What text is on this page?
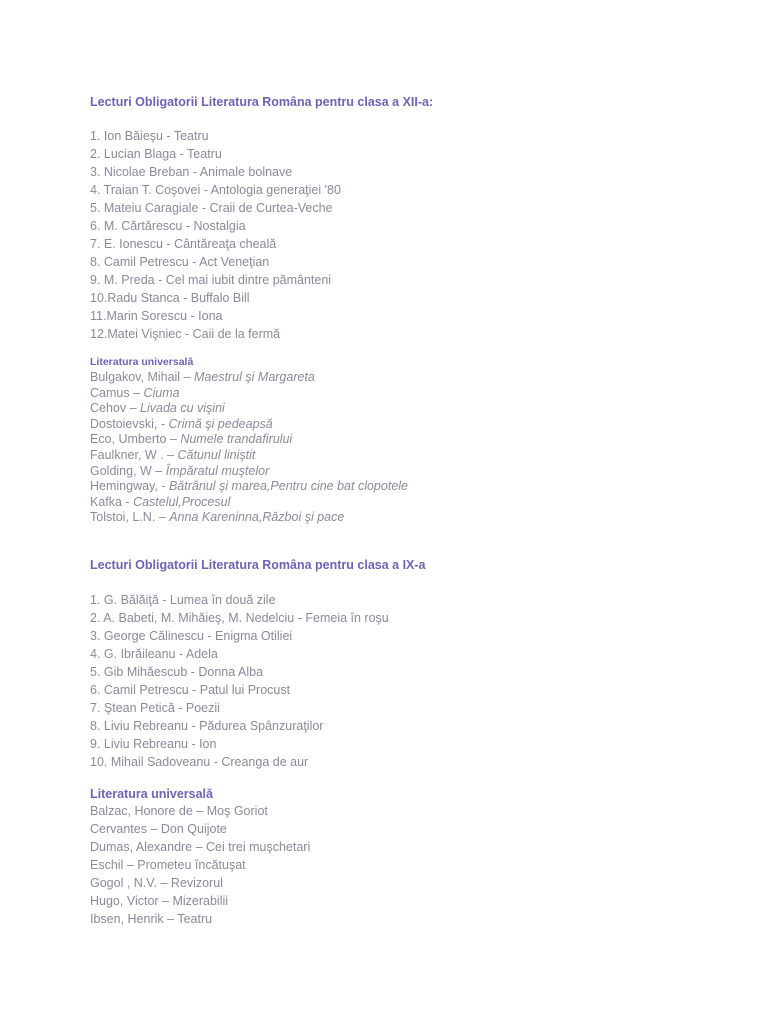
Lecturi Obligatorii Literatura Româna pentru clasa a XII-a:
1. Ion Băieşu - Teatru
2. Lucian Blaga - Teatru
3. Nicolae Breban - Animale bolnave
4. Traian T. Coşovei - Antologia generaţiei '80
5. Mateiu Caragiale - Craii de Curtea-Veche
6. M. Cărtărescu - Nostalgia
7. E. Ionescu - Cântăreaţa cheală
8. Camil Petrescu - Act Veneţian
9. M. Preda - Cel mai iubit dintre pământeni
10.Radu Stanca - Buffalo Bill
11.Marin Sorescu - Iona
12.Matei Vişniec - Caii de la fermă
Literatura universală
Bulgakov, Mihail – Maestrul şi Margareta
Camus – Ciuma
Cehov – Livada cu vişini
Dostoievski, - Crimă şi pedeapsă
Eco, Umberto – Numele trandafirului
Faulkner, W . – Cătunul liniştit
Golding, W – Împăratul muştelor
Hemingway, - Bătrânul şi marea,Pentru cine bat clopotele
Kafka - Castelul,Procesul
Tolstoi, L.N. – Anna Kareninna,Război şi pace
Lecturi Obligatorii Literatura Româna pentru clasa a IX-a
1. G. Bălăiţă - Lumea în două zile
2. A. Babeti, M. Mihăieş, M. Nedelciu - Femeia în roşu
3. George Călinescu - Enigma Otiliei
4. G. Ibrăileanu - Adela
5. Gib Mihăescub - Donna Alba
6. Camil Petrescu - Patul lui Procust
7. Ştean Petică - Poezii
8. Liviu Rebreanu - Pădurea Spânzuraţilor
9. Liviu Rebreanu - Ion
10. Mihail Sadoveanu - Creanga de aur
Literatura universală
Balzac, Honore de – Moş Goriot
Cervantes – Don Quijote
Dumas, Alexandre – Cei trei muşchetari
Eschil – Prometeu încătuşat
Gogol , N.V. – Revizorul
Hugo, Victor – Mizerabilii
Ibsen, Henrik – Teatru
